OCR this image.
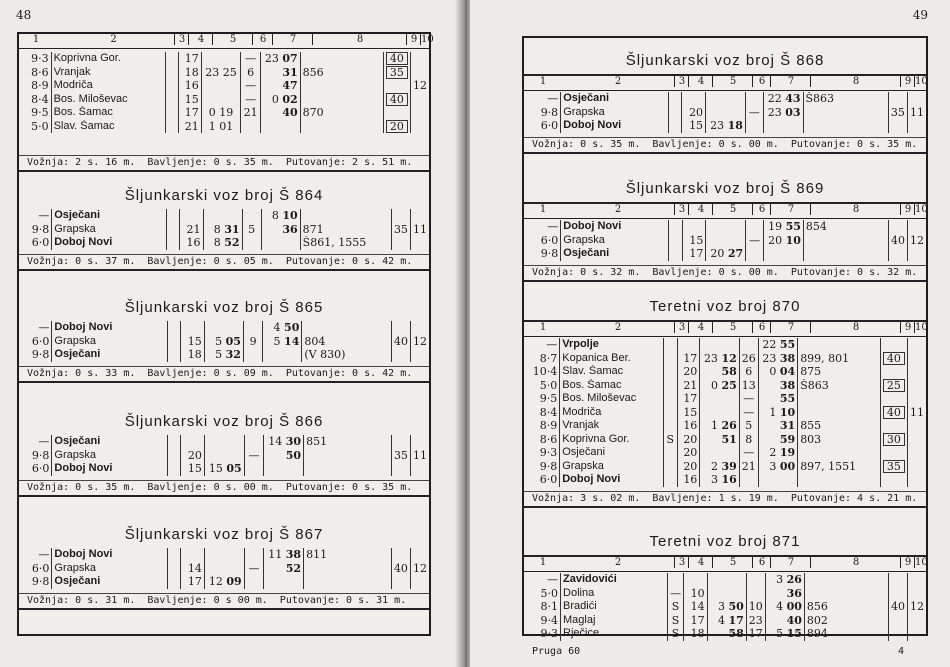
48
1	2	3	4	5	6	7	8	9 10
9·3	Koprivna Gor.		17		—	23 07		40	
8·6	Vranjak		18	23 25	6	31	856	35	
8·9	Modriča		16		—	47			12
8·4	Bos. Miloševac		15		—	0 02		40	
9·5	Bos. Šamac		17	0 19	21	40	870		
5·0	Slav. Šamac		21	1 01				20	
Vožnja: 2 s. 16 m. Bavljenje: 0 s. 35 m. Putovanje: 2 s. 51 m.
Šljunkarski voz broj Š 864
—	Osječani					8 10		35	11
9·8	Grapska		21	8 31	5	36	871		
6·0	Doboj Novi		16	8 52			Š861, 1555		
Vožnja: 0 s. 37 m. Bavljenje: 0 s. 05 m. Putovanje: 0 s. 42 m.
Šljunkarski voz broj Š 865
—	Doboj Novi					4 50		40	12
6·0	Grapska		15	5 05	9	5 14	804		
9·8	Osječani		18	5 32			(V 830)		
Vožnja: 0 s. 33 m. Bavljenje: 0 s. 09 m. Putovanje: 0 s. 42 m.
Šljunkarski voz broj Š 866
—	Osječani					14 30	851	35	11
9·8	Grapska		20		—	50			
6·0	Doboj Novi		15	15 05					
Vožnja: 0 s. 35 m. Bavljenje: 0 s. 00 m. Putovanje: 0 s. 35 m.
Šljunkarski voz broj Š 867
—	Doboj Novi					11 38	811	40	12
6·0	Grapska		14		—	52			
9·8	Osječani		17	12 09					
Vožnja: 0 s. 31 m. Bavljenje: 0 s 00 m. Putovanje: 0 s. 31 m.
49
Šljunkarski voz broj Š 868
1	2	3	4	5	6	7	8	9 10
—	Osječani					22 43	Š863	35	11
9·8	Grapska		20		—	23 03			
6·0	Doboj Novi		15	23 18					
Vožnja: 0 s. 35 m. Bavljenje: 0 s. 00 m. Putovanje: 0 s. 35 m.
Šljunkarski voz broj Š 869
1	2	3	4	5	6	7	8	9 10
—	Doboj Novi					19 55	854	40	12
6·0	Grapska		15		—	20 10			
9·8	Osječani		17	20 27					
Vožnja: 0 s. 32 m. Bavljenje: 0 s. 00 m. Putovanje: 0 s. 32 m.
Teretni voz broj 870
1	2	3	4	5	6	7	8	9 10
—	Vrpolje					22 55			11
8·7	Kopanica Ber.		17	23 12	26	23 38	899, 801	40	
10·4	Slav. Šamac		20	58	6	0 04	875		
5·0	Bos. Šamac		21	0 25	13	38	Š863	25	
9·5	Bos. Miloševac		17		—	55			
8·4	Modriča		15		—	1 10		40	
8·9	Vranjak		16	1 26	5	31	855		
8·6	Koprivna Gor.	S	20	51	8	59	803	30	
9·3	Osječani		20		—	2 19			
9·8	Grapska		20	2 39	21	3 00	897, 1551	35	
6·0	Doboj Novi		16	3 16					
Vožnja: 3 s. 02 m. Bavljenje: 1 s. 19 m. Putovanje: 4 s. 21 m.
Teretni voz broj 871
1	2	3	4	5	6	7	8	9 10
—	Zavidovići					3 26		40	12
5·0	Dolina	—	10			36			
8·1	Bradići	S	14	3 50	10	4 00	856		
9·4	Maglaj	S	17	4 17	23	40	802		
9·3	Rječice	S	18	58	17	5 15	894		
Pruga 60	4
